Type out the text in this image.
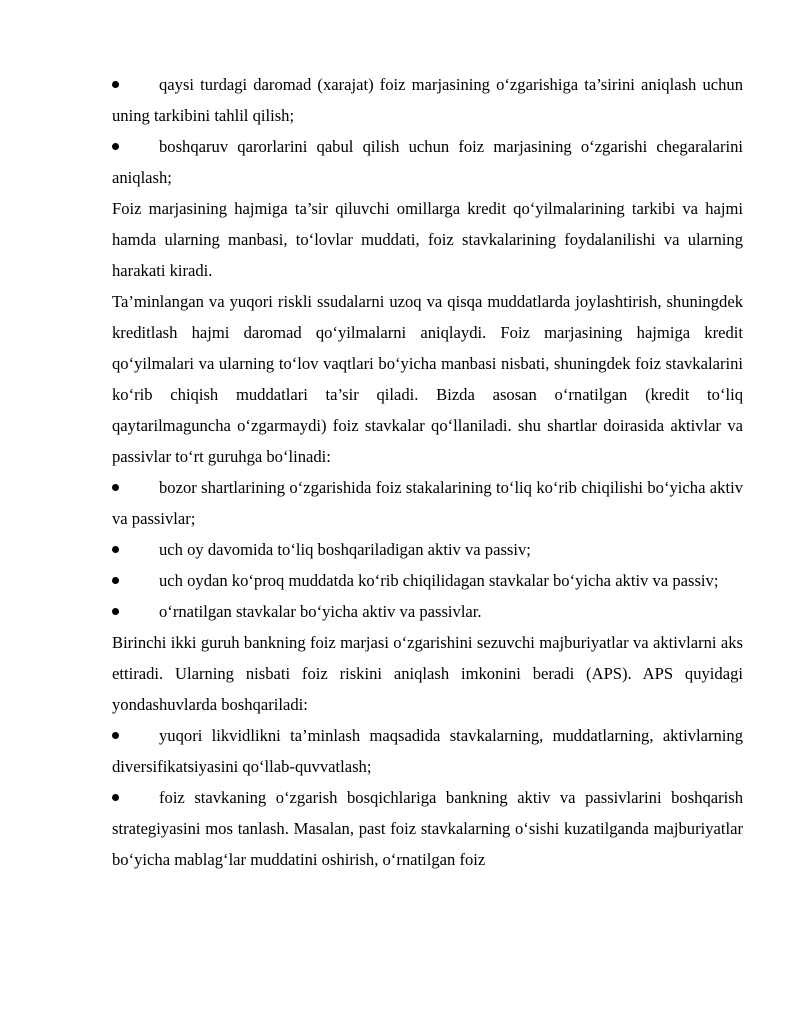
qaysi turdagi daromad (xarajat) foiz marjasining o‘zgarishiga ta’sirini aniqlash uchun uning tarkibini tahlil qilish;

boshqaruv qarorlarini qabul qilish uchun foiz marjasining o‘zgarishi chegaralarini aniqlash;

Foiz marjasining hajmiga ta’sir qiluvchi omillarga kredit qo‘yilmalarining tarkibi va hajmi hamda ularning manbasi, to‘lovlar muddati, foiz stavkalarining foydalanilishi va ularning harakati kiradi.

Ta’minlangan va yuqori riskli ssudalarni uzoq va qisqa muddatlarda joylashtirish, shuningdek kreditlash hajmi daromad qo‘yilmalarni aniqlaydi. Foiz marjasining hajmiga kredit qo‘yilmalari va ularning to‘lov vaqtlari bo‘yicha manbasi nisbati, shuningdek foiz stavkalarini ko‘rib chiqish muddatlari ta’sir qiladi. Bizda asosan o‘rnatilgan (kredit to‘liq qaytarilmaguncha o‘zgarmaydi) foiz stavkalar qo‘llaniladi. shu shartlar doirasida aktivlar va passivlar to‘rt guruhga bo‘linadi:

bozor shartlarining o‘zgarishida foiz stakalarining to‘liq ko‘rib chiqilishi bo‘yicha aktiv va passivlar;

uch oy davomida to‘liq boshqariladigan aktiv va passiv;

uch oydan ko‘proq muddatda ko‘rib chiqilidagan stavkalar bo‘yicha aktiv va passiv;

o‘rnatilgan stavkalar bo‘yicha aktiv va passivlar.

Birinchi ikki guruh bankning foiz marjasi o‘zgarishini sezuvchi majburiyatlar va aktivlarni aks ettiradi. Ularning nisbati foiz riskini aniqlash imkonini beradi (APS). APS quyidagi yondashuvlarda boshqariladi:

yuqori likvidlikni ta’minlash maqsadida stavkalarning, muddatlarning, aktivlarning diversifikatsiyasini qo‘llab-quvvatlash;

foiz stavkaning o‘zgarish bosqichlariga bankning aktiv va passivlarini boshqarish strategiyasini mos tanlash. Masalan, past foiz stavkalarning o‘sishi kuzatilganda majburiyatlar bo‘yicha mablag‘lar muddatini oshirish, o‘rnatilgan foiz
